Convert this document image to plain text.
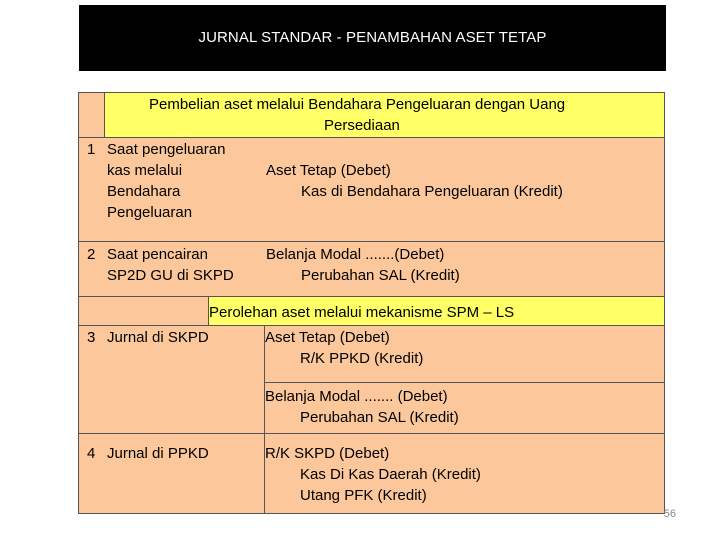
JURNAL STANDAR - PENAMBAHAN ASET TETAP
Pembelian aset melalui Bendahara Pengeluaran dengan Uang
Persediaan
1 Saat pengeluaran
kas melalui
Bendahara
Pengeluaran
Aset Tetap (Debet)
Kas di Bendahara Pengeluaran (Kredit)
2 Saat pencairan
SP2D GU di SKPD
Belanja Modal .......(Debet)
Perubahan SAL (Kredit)
Perolehan aset melalui mekanisme SPM – LS
3 Jurnal di SKPD	Aset Tetap (Debet)
R/K PPKD (Kredit)
Belanja Modal ....... (Debet)
Perubahan SAL (Kredit)
4 Jurnal di PPKD	R/K SKPD (Debet)
Kas Di Kas Daerah (Kredit)
Utang PFK (Kredit)
56
